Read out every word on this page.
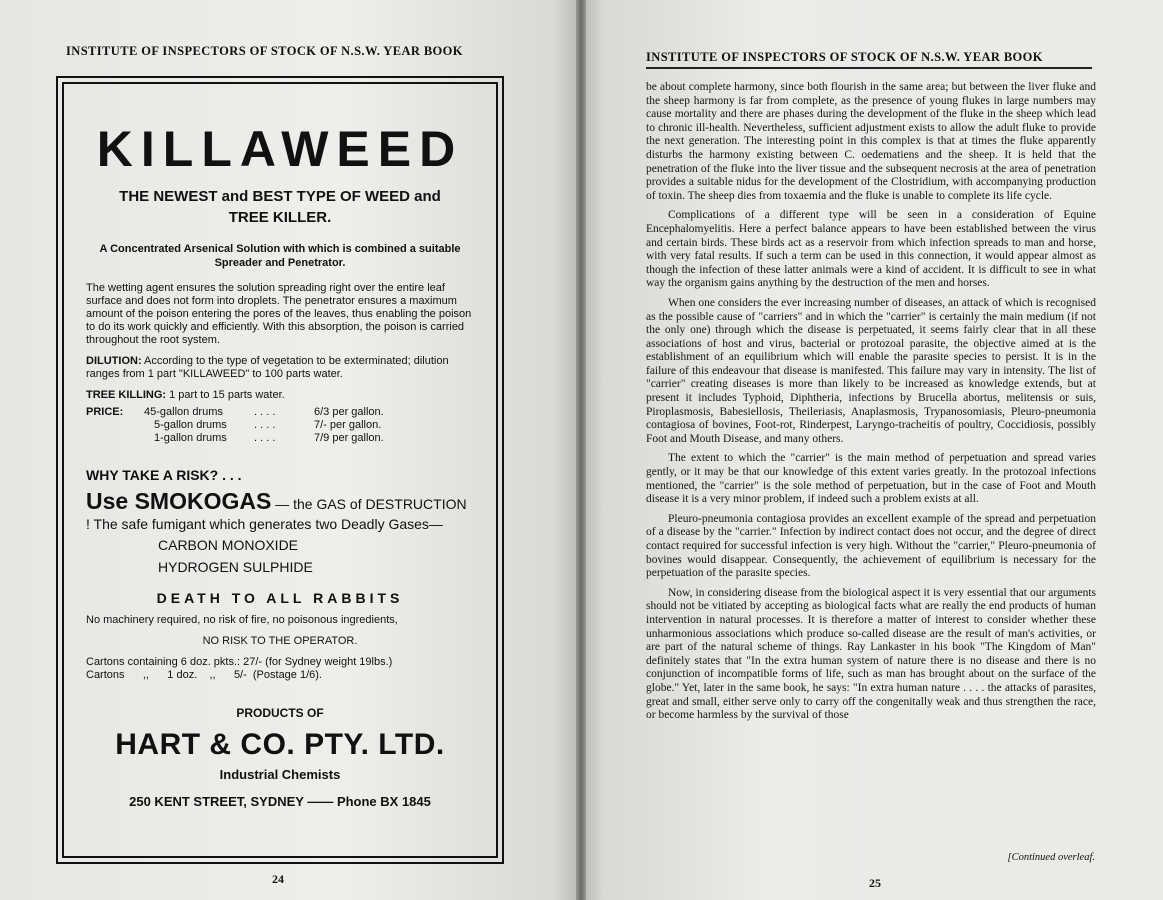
INSTITUTE OF INSPECTORS OF STOCK OF N.S.W. YEAR BOOK
KILLAWEED
THE NEWEST and BEST TYPE OF WEED and TREE KILLER.
A Concentrated Arsenical Solution with which is combined a suitable Spreader and Penetrator.
The wetting agent ensures the solution spreading right over the entire leaf surface and does not form into droplets. The penetrator ensures a maximum amount of the poison entering the pores of the leaves, thus enabling the poison to do its work quickly and efficiently. With this absorption, the poison is carried throughout the root system.
DILUTION: According to the type of vegetation to be exterminated; dilution ranges from 1 part "KILLAWEED" to 100 parts water.
TREE KILLING: 1 part to 15 parts water.
PRICE:	45-gallon drums	. . . .	6/3 per gallon.
5-gallon drums	. . . .	7/- per gallon.
1-gallon drums	. . . .	7/9 per gallon.
WHY TAKE A RISK? . . .
Use SMOKOGAS — the GAS of DESTRUCTION ! The safe fumigant which generates two Deadly Gases—
CARBON MONOXIDE
HYDROGEN SULPHIDE
DEATH TO ALL RABBITS
No machinery required, no risk of fire, no poisonous ingredients,
NO RISK TO THE OPERATOR.
Cartons containing 6 doz. pkts.: 27/- (for Sydney weight 19lbs.)
Cartons      ,,      1 doz.    ,,      5/-  (Postage 1/6).
PRODUCTS OF
HART & CO. PTY. LTD.
Industrial Chemists
250 KENT STREET, SYDNEY —— Phone BX 1845
24
INSTITUTE OF INSPECTORS OF STOCK OF N.S.W. YEAR BOOK

be about complete harmony, since both flourish in the same area; but between the liver fluke and the sheep harmony is far from complete, as the presence of young flukes in large numbers may cause mortality and there are phases during the development of the fluke in the sheep which lead to chronic ill-health. Nevertheless, sufficient adjustment exists to allow the adult fluke to provide the next generation. The interesting point in this complex is that at times the fluke apparently disturbs the harmony existing between C. oedematiens and the sheep. It is held that the penetration of the fluke into the liver tissue and the subsequent necrosis at the area of penetration provides a suitable nidus for the development of the Clostridium, with accompanying production of toxin. The sheep dies from toxaemia and the fluke is unable to complete its life cycle.

Complications of a different type will be seen in a consideration of Equine Encephalomyelitis. Here a perfect balance appears to have been established between the virus and certain birds. These birds act as a reservoir from which infection spreads to man and horse, with very fatal results. If such a term can be used in this connection, it would appear almost as though the infection of these latter animals were a kind of accident. It is difficult to see in what way the organism gains anything by the destruction of the men and horses.

When one considers the ever increasing number of diseases, an attack of which is recognised as the possible cause of "carriers" and in which the "carrier" is certainly the main medium (if not the only one) through which the disease is perpetuated, it seems fairly clear that in all these associations of host and virus, bacterial or protozoal parasite, the objective aimed at is the establishment of an equilibrium which will enable the parasite species to persist. It is in the failure of this endeavour that disease is manifested. This failure may vary in intensity. The list of "carrier" creating diseases is more than likely to be increased as knowledge extends, but at present it includes Typhoid, Diphtheria, infections by Brucella abortus, melitensis or suis, Piroplasmosis, Babesiellosis, Theileriasis, Anaplasmosis, Trypanosomiasis, Pleuro-pneumonia contagiosa of bovines, Foot-rot, Rinderpest, Laryngo-tracheitis of poultry, Coccidiosis, possibly Foot and Mouth Disease, and many others.

The extent to which the "carrier" is the main method of perpetuation and spread varies gently, or it may be that our knowledge of this extent varies greatly. In the protozoal infections mentioned, the "carrier" is the sole method of perpetuation, but in the case of Foot and Mouth disease it is a very minor problem, if indeed such a problem exists at all.

Pleuro-pneumonia contagiosa provides an excellent example of the spread and perpetuation of a disease by the "carrier." Infection by indirect contact does not occur, and the degree of direct contact required for successful infection is very high. Without the "carrier," Pleuro-pneumonia of bovines would disappear. Consequently, the achievement of equilibrium is necessary for the perpetuation of the parasite species.

Now, in considering disease from the biological aspect it is very essential that our arguments should not be vitiated by accepting as biological facts what are really the end products of human intervention in natural processes. It is therefore a matter of interest to consider whether these unharmonious associations which produce so-called disease are the result of man's activities, or are part of the natural scheme of things. Ray Lankaster in his book "The Kingdom of Man" definitely states that "In the extra human system of nature there is no disease and there is no conjunction of incompatible forms of life, such as man has brought about on the surface of the globe." Yet, later in the same book, he says: "In extra human nature . . . . the attacks of parasites, great and small, either serve only to carry off the congenitally weak and thus strengthen the race, or become harmless by the survival of those

[Continued overleaf.
25
